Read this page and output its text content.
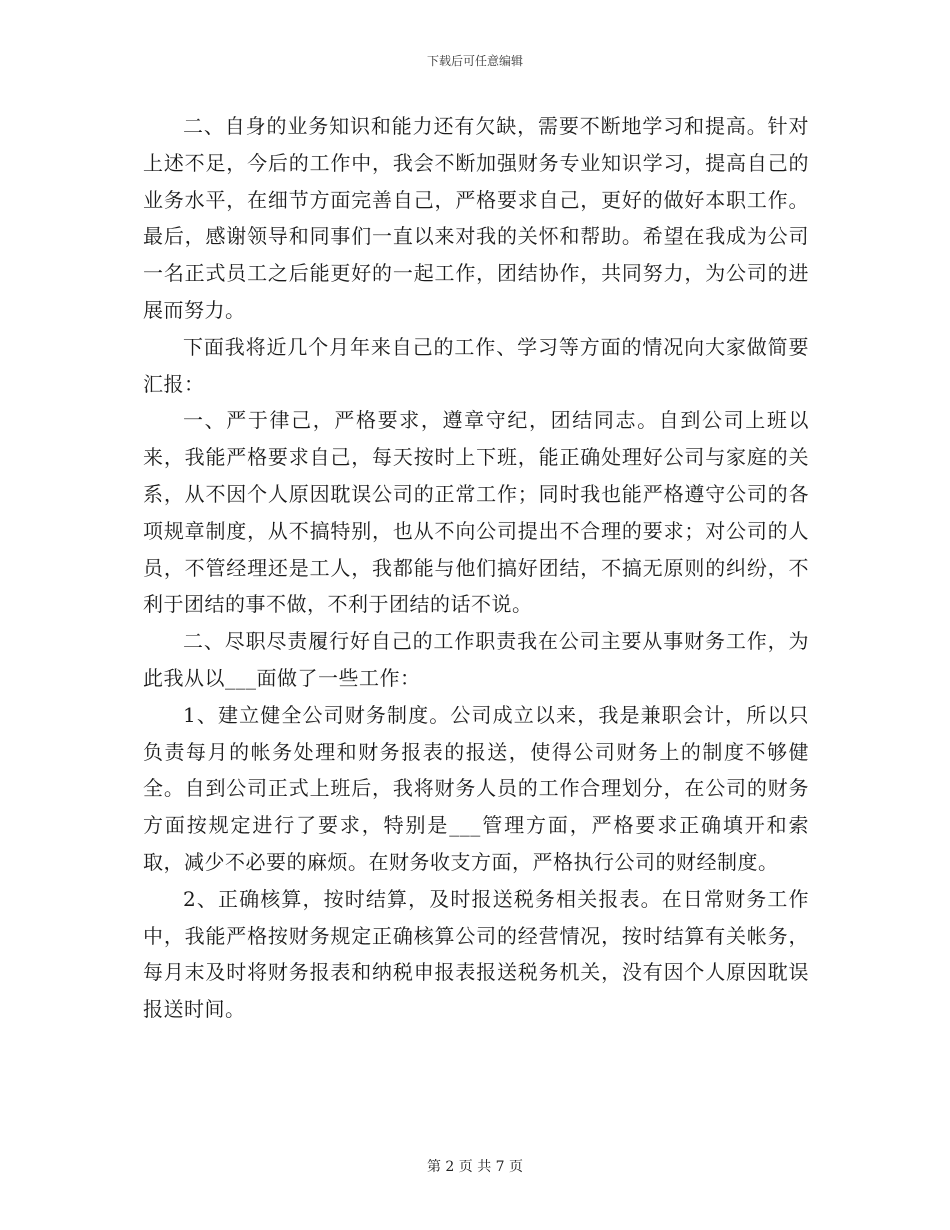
下载后可任意编辑

二、自身的业务知识和能力还有欠缺，需要不断地学习和提高。针对上述不足，今后的工作中，我会不断加强财务专业知识学习，提高自己的业务水平，在细节方面完善自己，严格要求自己，更好的做好本职工作。最后，感谢领导和同事们一直以来对我的关怀和帮助。希望在我成为公司一名正式员工之后能更好的一起工作，团结协作，共同努力，为公司的进展而努力。

下面我将近几个月年来自己的工作、学习等方面的情况向大家做简要汇报：

一、严于律己，严格要求，遵章守纪，团结同志。自到公司上班以来，我能严格要求自己，每天按时上下班，能正确处理好公司与家庭的关系，从不因个人原因耽误公司的正常工作；同时我也能严格遵守公司的各项规章制度，从不搞特别，也从不向公司提出不合理的要求；对公司的人员，不管经理还是工人，我都能与他们搞好团结，不搞无原则的纠纷，不利于团结的事不做，不利于团结的话不说。

二、尽职尽责履行好自己的工作职责我在公司主要从事财务工作，为此我从以___面做了一些工作：

1、建立健全公司财务制度。公司成立以来，我是兼职会计，所以只负责每月的帐务处理和财务报表的报送，使得公司财务上的制度不够健全。自到公司正式上班后，我将财务人员的工作合理划分，在公司的财务方面按规定进行了要求，特别是___管理方面，严格要求正确填开和索取，减少不必要的麻烦。在财务收支方面，严格执行公司的财经制度。

2、正确核算，按时结算，及时报送税务相关报表。在日常财务工作中，我能严格按财务规定正确核算公司的经营情况，按时结算有关帐务，每月末及时将财务报表和纳税申报表报送税务机关，没有因个人原因耽误报送时间。

第 2 页 共 7 页
